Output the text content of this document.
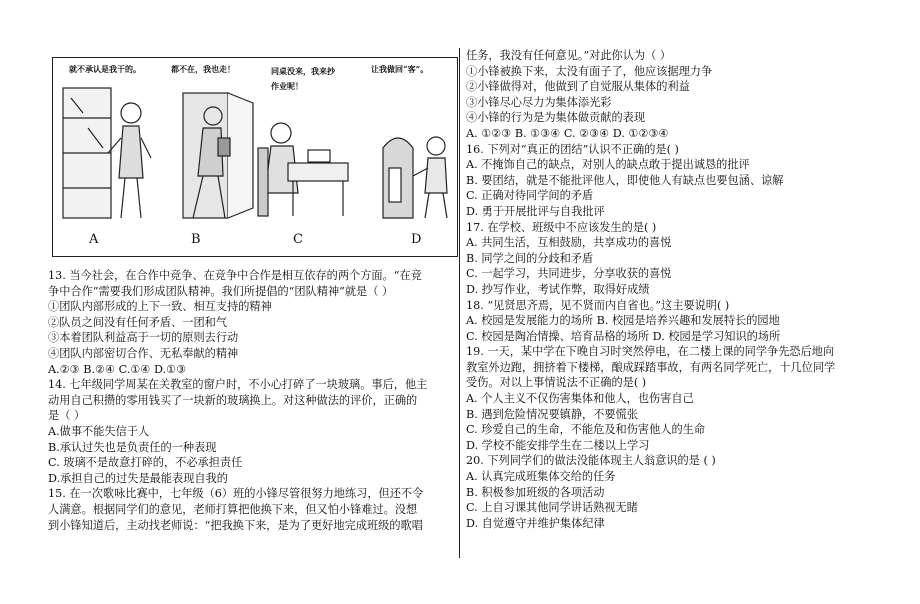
就不承认是我干的。	都不在，我也走！	同桌没来，我来抄作业呢！
让我做回“客”。
A	B	C	D
13. 当今社会，在合作中竞争、在竞争中合作是相互依存的两个方面。“在竞
争中合作”需要我们形成团队精神。我们所提倡的“团队精神”就是（ ）
①团队内部形成的上下一致、相互支持的精神
②队员之间没有任何矛盾、一团和气
③本着团队利益高于一切的原则去行动
④团队内部密切合作、无私奉献的精神
A.②③ B.②④ C.①④ D.①③
14. 七年级同学周某在关教室的窗户时，不小心打碎了一块玻璃。事后，他主
动用自己积攒的零用钱买了一块新的玻璃换上。对这种做法的评价，正确的
是（ ）
A.做事不能失信于人
B.承认过失也是负责任的一种表现
C. 玻璃不是故意打碎的，不必承担责任
D.承担自己的过失是最能表现自我的
15. 在一次歌咏比赛中，七年级（6）班的小锋尽管很努力地练习，但还不令
人满意。根据同学们的意见，老师打算把他换下来，但又怕小锋难过。没想
到小锋知道后，主动找老师说：“把我换下来，是为了更好地完成班级的歌唱
任务，我没有任何意见。”对此你认为（ ）
①小锋被换下来，太没有面子了，他应该据理力争
②小锋做得对，他做到了自觉服从集体的利益
③小锋尽心尽力为集体添光彩
④小锋的行为是为集体做贡献的表现
A. ①②③ B. ①③④ C. ②③④ D. ①②③④
16. 下列对“真正的团结”认识不正确的是( )
A. 不掩饰自己的缺点，对别人的缺点敢于提出诚恳的批评
B. 要团结，就是不能批评他人，即使他人有缺点也要包涵、谅解
C. 正确对待同学间的矛盾
D. 勇于开展批评与自我批评
17. 在学校、班级中不应该发生的是( )
A. 共同生活，互相鼓励，共享成功的喜悦
B. 同学之间的分歧和矛盾
C. 一起学习，共同进步，分享收获的喜悦
D. 抄写作业，考试作弊，取得好成绩
18. “见贤思齐焉，见不贤而内自省也。”这主要说明( )
A. 校园是发展能力的场所 B. 校园是培养兴趣和发展特长的园地
C. 校园是陶冶情操、培育品格的场所 D. 校园是学习知识的场所
19. 一天，某中学在下晚自习时突然停电，在二楼上课的同学争先恐后地向
教室外边跑，拥挤着下楼梯，酿成踩踏事故，有两名同学死亡，十几位同学
受伤。对以上事情说法不正确的是( )
A. 个人主义不仅伤害集体和他人，也伤害自己
B. 遇到危险情况要镇静，不要慌张
C. 珍爱自己的生命，不能危及和伤害他人的生命
D. 学校不能安排学生在二楼以上学习
20. 下列同学们的做法没能体现主人翁意识的是 ( )
A. 认真完成班集体交给的任务
B. 积极参加班级的各项活动
C. 上自习课其他同学讲话熟视无睹
D. 自觉遵守并维护集体纪律
